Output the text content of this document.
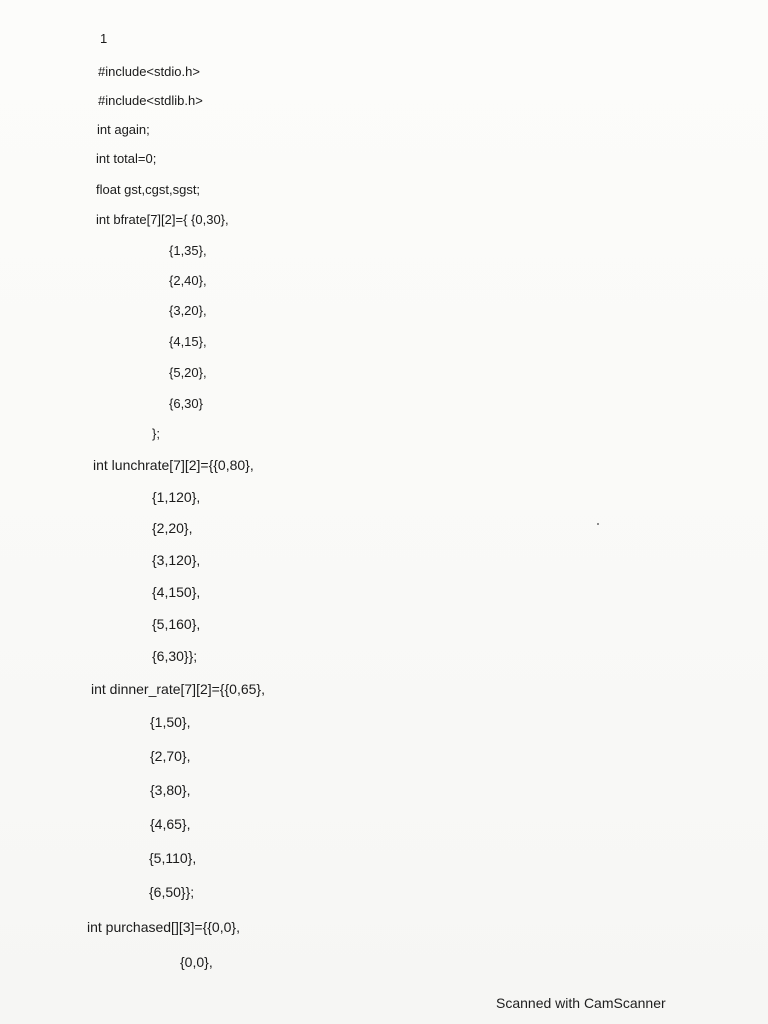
1
#include<stdio.h>
#include<stdlib.h>
int again;
int total=0;
float gst,cgst,sgst;
int bfrate[7][2]={ {0,30},
{1,35},
{2,40},
{3,20},
{4,15},
{5,20},
{6,30}
};
int lunchrate[7][2]={{0,80},
{1,120},
{2,20},
{3,120},
{4,150},
{5,160},
{6,30}};
int dinner_rate[7][2]={{0,65},
{1,50},
{2,70},
{3,80},
{4,65},
{5,110},
{6,50}};
int purchased[][3]={{0,0},
{0,0},
Scanned with CamScanner
